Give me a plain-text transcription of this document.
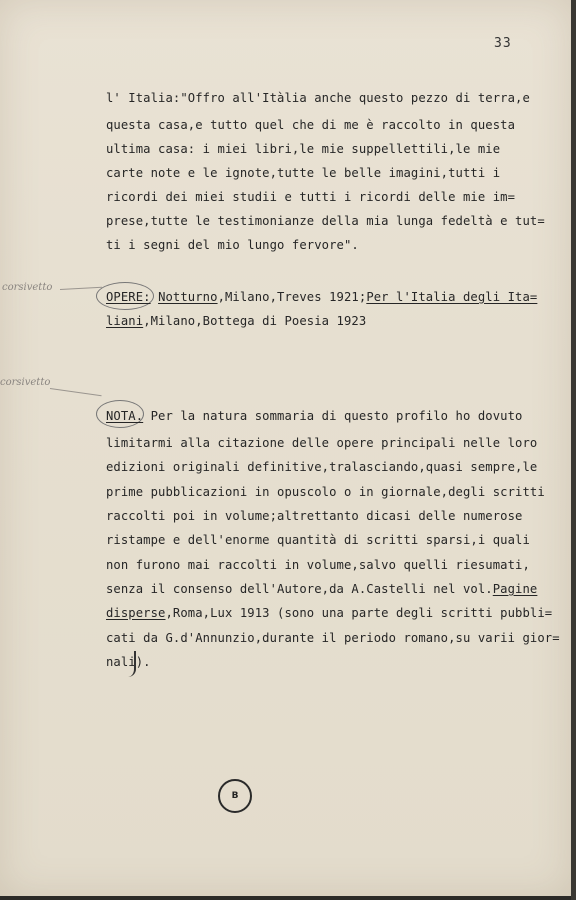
33
l' Italia:"Offro all'Itàlia anche questo pezzo di terra,e
questa casa,e tutto quel che di me è raccolto in questa
ultima casa: i miei libri,le mie suppellettili,le mie
carte note e le ignote,tutte le belle imagini,tutti i
ricordi dei miei studii e tutti i ricordi delle mie im=
prese,tutte le testimonianze della mia lunga fedeltà e tut=
ti i segni del mio lungo fervore".
corsivetto
OPERE: Notturno,Milano,Treves 1921;Per l'Italia degli Ita=
liani,Milano,Bottega di Poesia 1923
corsivetto
NOTA. Per la natura sommaria di questo profilo ho dovuto
limitarmi alla citazione delle opere principali nelle loro
edizioni originali definitive,tralasciando,quasi sempre,le
prime pubblicazioni in opuscolo o in giornale,degli scritti
raccolti poi in volume;altrettanto dicasi delle numerose
ristampe e dell'enorme quantità di scritti sparsi,i quali
non furono mai raccolti in volume,salvo quelli riesumati,
senza il consenso dell'Autore,da A.Castelli nel vol.Pagine
disperse,Roma,Lux 1913 (sono una parte degli scritti pubbli=
cati da G.d'Annunzio,durante il periodo romano,su varii gior=
nali).
B
